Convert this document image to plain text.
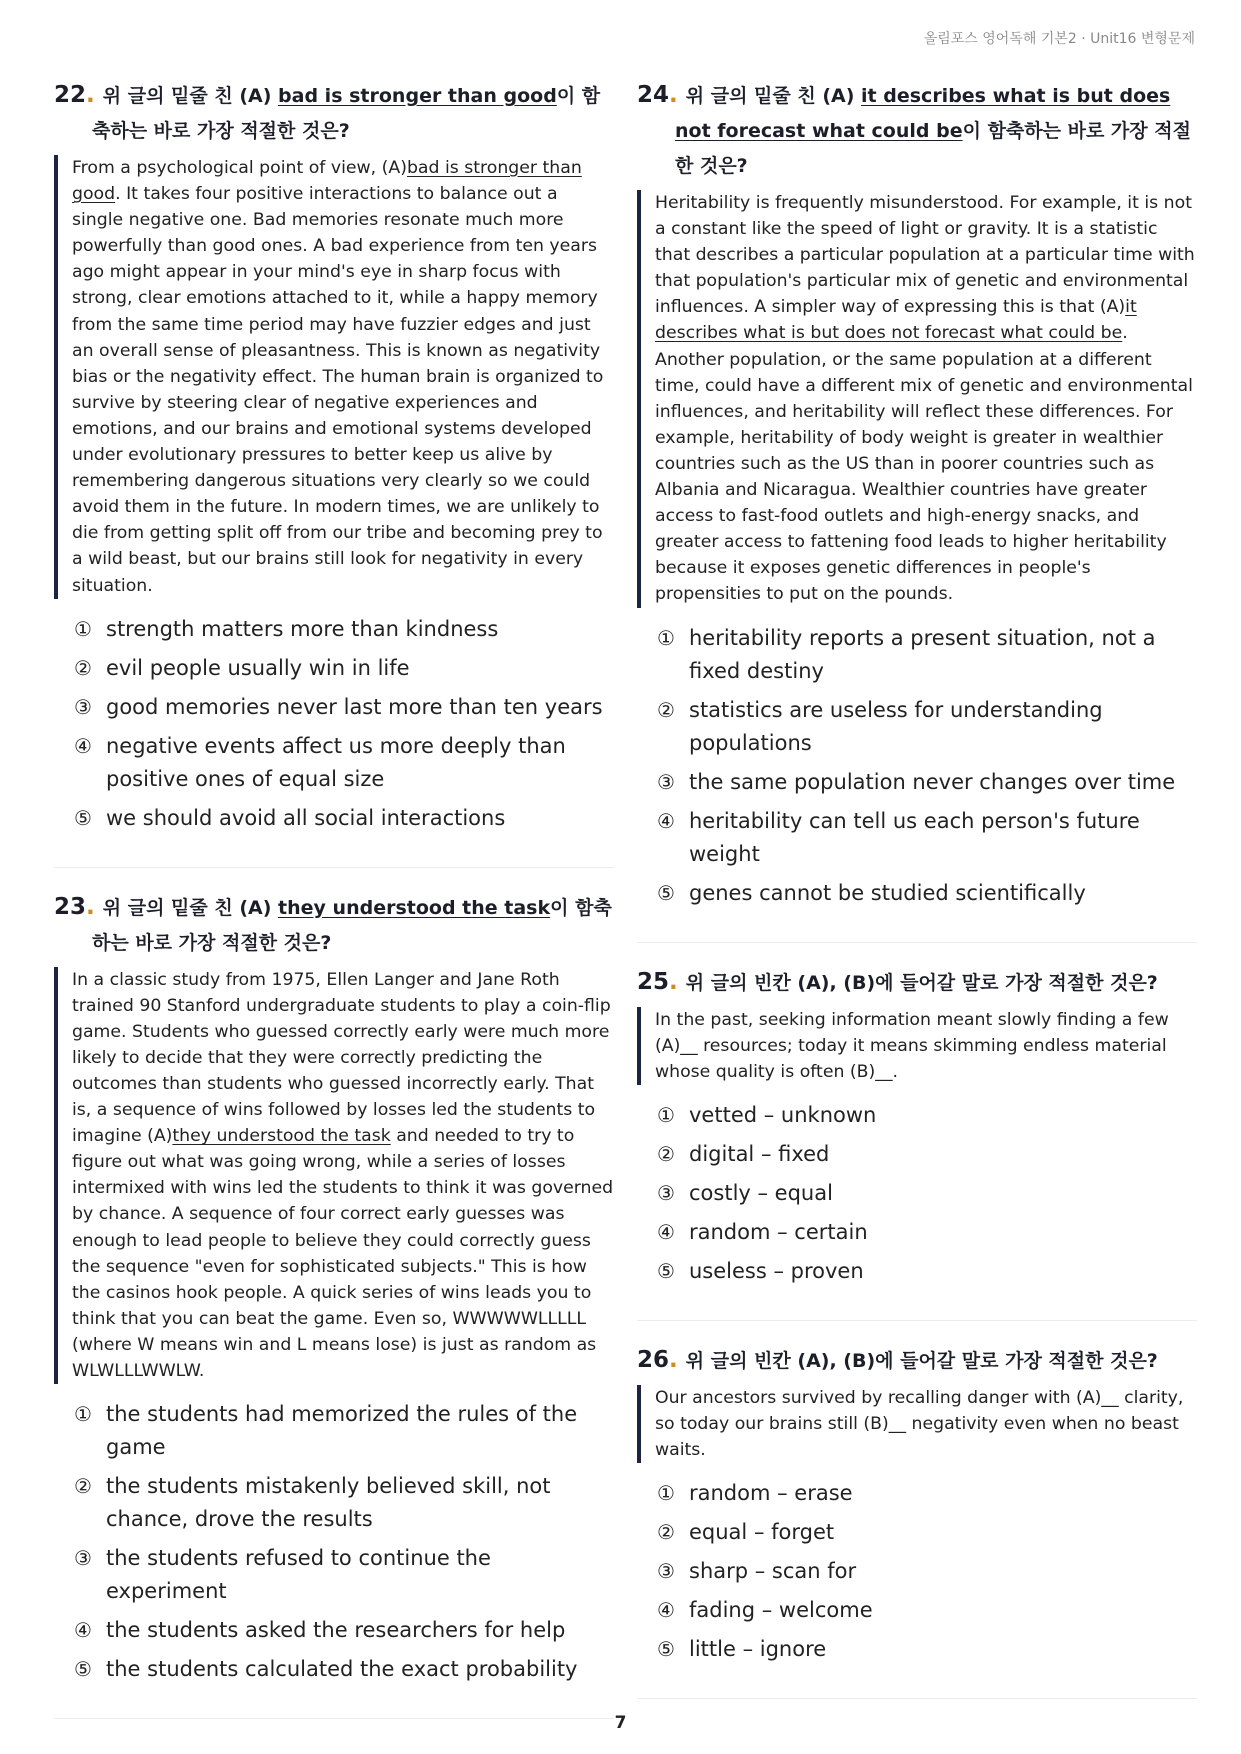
올림포스 영어독해 기본2 · Unit16 변형문제
22. 위 글의 밑줄 친 (A) bad is stronger than good이 함축하는 바로 가장 적절한 것은?

From a psychological point of view, (A)bad is stronger than good. It takes four positive interactions to balance out a single negative one. Bad memories resonate much more powerfully than good ones. A bad experience from ten years ago might appear in your mind's eye in sharp focus with strong, clear emotions attached to it, while a happy memory from the same time period may have fuzzier edges and just an overall sense of pleasantness. This is known as negativity bias or the negativity effect. The human brain is organized to survive by steering clear of negative experiences and emotions, and our brains and emotional systems developed under evolutionary pressures to better keep us alive by remembering dangerous situations very clearly so we could avoid them in the future. In modern times, we are unlikely to die from getting split off from our tribe and becoming prey to a wild beast, but our brains still look for negativity in every situation.

① strength matters more than kindness
② evil people usually win in life
③ good memories never last more than ten years
④ negative events affect us more deeply than positive ones of equal size
⑤ we should avoid all social interactions
23. 위 글의 밑줄 친 (A) they understood the task이 함축하는 바로 가장 적절한 것은?

In a classic study from 1975, Ellen Langer and Jane Roth trained 90 Stanford undergraduate students to play a coin-flip game. Students who guessed correctly early were much more likely to decide that they were correctly predicting the outcomes than students who guessed incorrectly early. That is, a sequence of wins followed by losses led the students to imagine (A)they understood the task and needed to try to figure out what was going wrong, while a series of losses intermixed with wins led the students to think it was governed by chance. A sequence of four correct early guesses was enough to lead people to believe they could correctly guess the sequence "even for sophisticated subjects." This is how the casinos hook people. A quick series of wins leads you to think that you can beat the game. Even so, WWWWWLLLLL (where W means win and L means lose) is just as random as WLWLLLWWLW.

① the students had memorized the rules of the game
② the students mistakenly believed skill, not chance, drove the results
③ the students refused to continue the experiment
④ the students asked the researchers for help
⑤ the students calculated the exact probability
24. 위 글의 밑줄 친 (A) it describes what is but does not forecast what could be이 함축하는 바로 가장 적절한 것은?

Heritability is frequently misunderstood. For example, it is not a constant like the speed of light or gravity. It is a statistic that describes a particular population at a particular time with that population's particular mix of genetic and environmental influences. A simpler way of expressing this is that (A)it describes what is but does not forecast what could be. Another population, or the same population at a different time, could have a different mix of genetic and environmental influences, and heritability will reflect these differences. For example, heritability of body weight is greater in wealthier countries such as the US than in poorer countries such as Albania and Nicaragua. Wealthier countries have greater access to fast-food outlets and high-energy snacks, and greater access to fattening food leads to higher heritability because it exposes genetic differences in people's propensities to put on the pounds.

① heritability reports a present situation, not a fixed destiny
② statistics are useless for understanding populations
③ the same population never changes over time
④ heritability can tell us each person's future weight
⑤ genes cannot be studied scientifically
25. 위 글의 빈칸 (A), (B)에 들어갈 말로 가장 적절한 것은?

In the past, seeking information meant slowly finding a few (A)__ resources; today it means skimming endless material whose quality is often (B)__.

① vetted – unknown
② digital – fixed
③ costly – equal
④ random – certain
⑤ useless – proven
26. 위 글의 빈칸 (A), (B)에 들어갈 말로 가장 적절한 것은?

Our ancestors survived by recalling danger with (A)__ clarity, so today our brains still (B)__ negativity even when no beast waits.

① random – erase
② equal – forget
③ sharp – scan for
④ fading – welcome
⑤ little – ignore
7
